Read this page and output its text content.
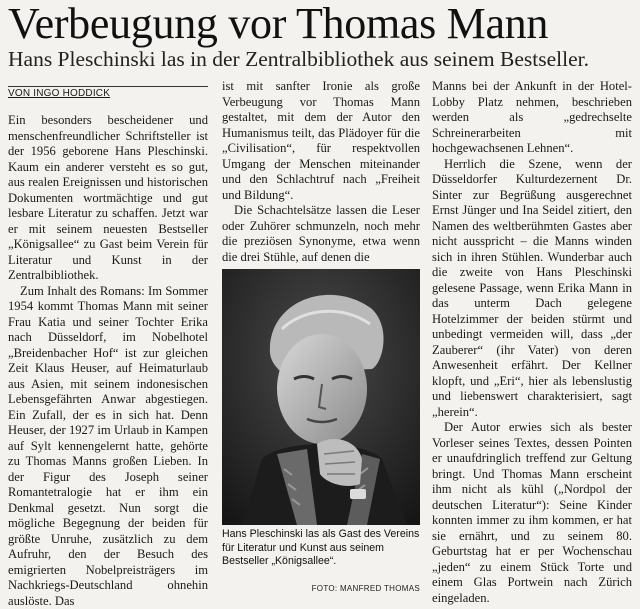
Verbeugung vor Thomas Mann
Hans Pleschinski las in der Zentralbibliothek aus seinem Bestseller.
VON INGO HODDICK

Ein besonders bescheidener und menschenfreundlicher Schriftsteller ist der 1956 geborene Hans Pleschinski. Kaum ein anderer versteht es so gut, aus realen Ereignissen und historischen Dokumenten wortmächtige und gut lesbare Literatur zu schaffen. Jetzt war er mit seinem neuesten Bestseller „Königsallee“ zu Gast beim Verein für Literatur und Kunst in der Zentralbibliothek.

Zum Inhalt des Romans: Im Sommer 1954 kommt Thomas Mann mit seiner Frau Katia und seiner Tochter Erika nach Düsseldorf, im Nobelhotel „Breidenbacher Hof“ ist zur gleichen Zeit Klaus Heuser, auf Heimaturlaub aus Asien, mit seinem indonesischen Lebensgefährten Anwar abgestiegen. Ein Zufall, der es in sich hat. Denn Heuser, der 1927 im Urlaub in Kampen auf Sylt kennengelernt hatte, gehörte zu Thomas Manns großen Lieben. In der Figur des Joseph seiner Romantetralogie hat er ihm ein Denkmal gesetzt. Nun sorgt die mögliche Begegnung der beiden für größte Unruhe, zusätzlich zu dem Aufruhr, den der Besuch des emigrierten Nobelpreisträgers im Nachkriegs-Deutschland ohnehin auslöste. Das

ist mit sanfter Ironie als große Verbeugung vor Thomas Mann gestaltet, mit dem der Autor den Humanismus teilt, das Plädoyer für die „Civilisation“, für respektvollen Umgang der Menschen miteinander und den Schlachtruf nach „Freiheit und Bildung“.

Die Schachtelsätze lassen die Leser oder Zuhörer schmunzeln, noch mehr die preziösen Synonyme, etwa wenn die drei Stühle, auf denen die

Hans Pleschinski las als Gast des Vereins für Literatur und Kunst aus seinem Bestseller „Königsallee“.
FOTO: MANFRED THOMAS

Manns bei der Ankunft in der Hotel-Lobby Platz nehmen, beschrieben werden als „gedrechselte Schreinerarbeiten mit hochgewachsenen Lehnen“.

Herrlich die Szene, wenn der Düsseldorfer Kulturdezernent Dr. Sinter zur Begrüßung ausgerechnet Ernst Jünger und Ina Seidel zitiert, den Namen des weltberühmten Gastes aber nicht ausspricht – die Manns winden sich in ihren Stühlen. Wunderbar auch die zweite von Hans Pleschinski gelesene Passage, wenn Erika Mann in das unterm Dach gelegene Hotelzimmer der beiden stürmt und unbedingt vermeiden will, dass „der Zauberer“ (ihr Vater) von deren Anwesenheit erfährt. Der Kellner klopft, und „Eri“, hier als lebenslustig und liebenswert charakterisiert, sagt „herein“.

Der Autor erwies sich als bester Vorleser seines Textes, dessen Pointen er unaufdringlich treffend zur Geltung bringt. Und Thomas Mann erscheint ihm nicht als kühl („Nordpol der deutschen Literatur“): Seine Kinder konnten immer zu ihm kommen, er hat sie ernährt, und zu seinem 80. Geburtstag hat er per Wochenschau „jeden“ zu einem Stück Torte und einem Glas Portwein nach Zürich eingeladen.
